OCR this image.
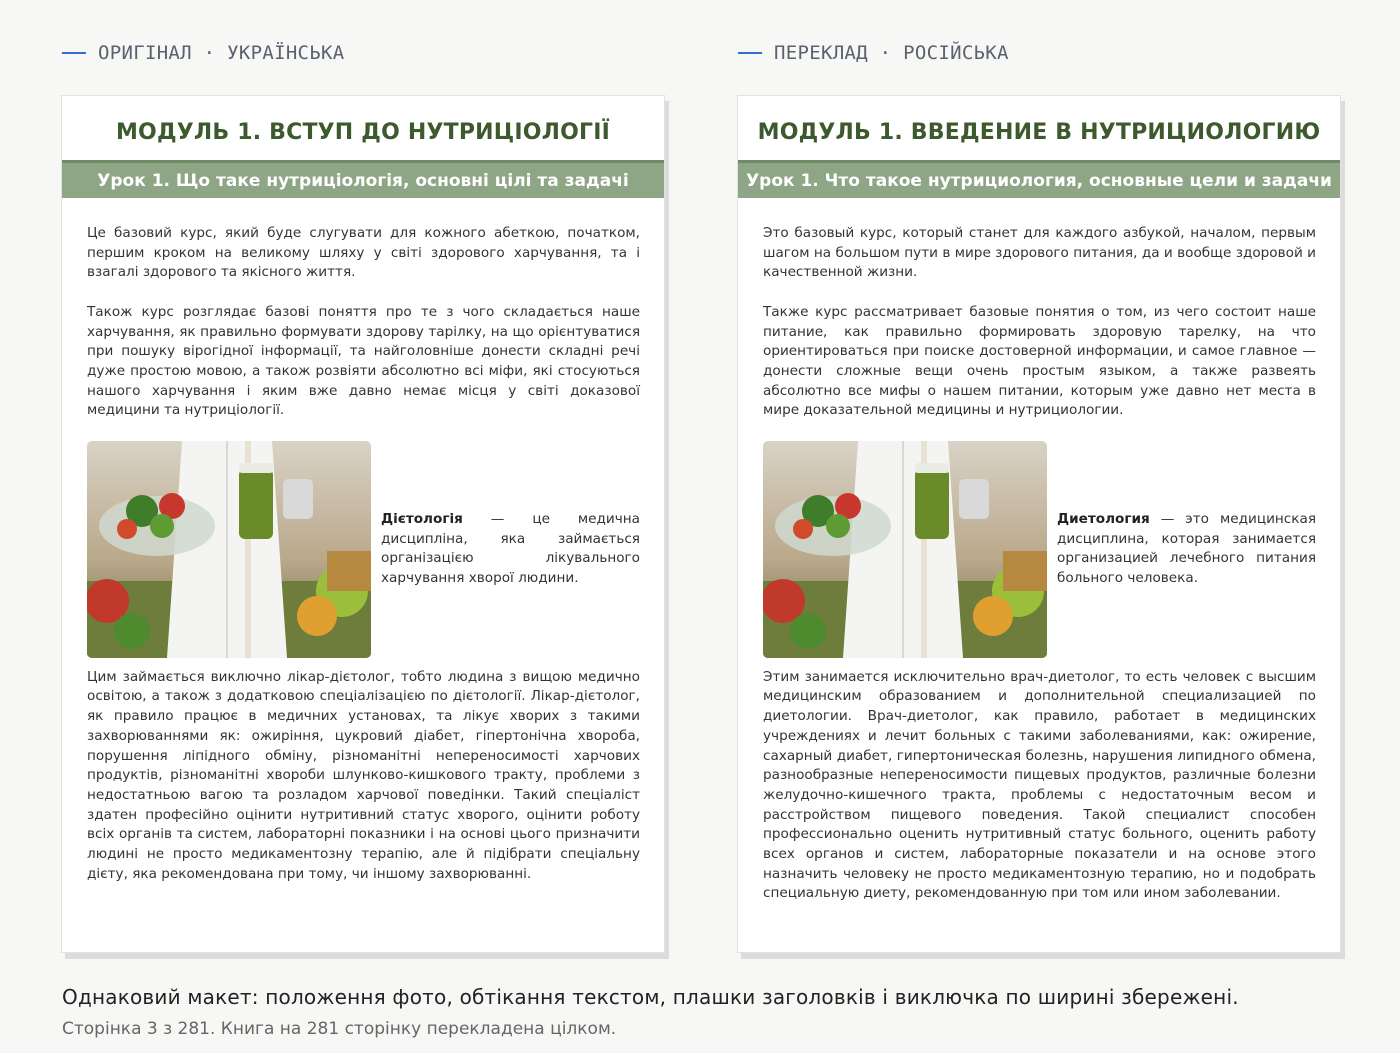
ОРИГІНАЛ · УКРАЇНСЬКА	ПЕРЕКЛАД · РОСІЙСЬКА
МОДУЛЬ 1. ВСТУП ДО НУТРИЦІОЛОГІЇ
Урок 1. Що таке нутриціологія, основні цілі та задачі

Це базовий курс, який буде слугувати для кожного абеткою, початком, першим кроком на великому шляху у світі здорового харчування, та і взагалі здорового та якісного життя.

Також курс розглядає базові поняття про те з чого складається наше харчування, як правильно формувати здорову тарілку, на що орієнтуватися при пошуку вірогідної інформації, та найголовніше донести складні речі дуже простою мовою, а також розвіяти абсолютно всі міфи, які стосуються нашого харчування і яким вже давно немає місця у світі доказової медицини та нутриціології.

Дієтологія — це медична дисципліна, яка займається організацією лікувального харчування хворої людини.

Цим займається виключно лікар-дієтолог, тобто людина з вищою медично освітою, а також з додатковою спеціалізацією по дієтології. Лікар-дієтолог, як правило працює в медичних установах, та лікує хворих з такими захворюваннями як: ожиріння, цукровий діабет, гіпертонічна хвороба, порушення ліпідного обміну, різноманітні непереносимості харчових продуктів, різноманітні хвороби шлунково-кишкового тракту, проблеми з недостатньою вагою та розладом харчової поведінки. Такий спеціаліст здатен професійно оцінити нутритивний статус хворого, оцінити роботу всіх органів та систем, лабораторні показники і на основі цього призначити людині не просто медикаментозну терапію, але й підібрати спеціальну дієту, яка рекомендована при тому, чи іншому захворюванні.

МОДУЛЬ 1. ВВЕДЕНИЕ В НУТРИЦИОЛОГИЮ
Урок 1. Что такое нутрициология, основные цели и задачи

Это базовый курс, который станет для каждого азбукой, началом, первым шагом на большом пути в мире здорового питания, да и вообще здоровой и качественной жизни.

Также курс рассматривает базовые понятия о том, из чего состоит наше питание, как правильно формировать здоровую тарелку, на что ориентироваться при поиске достоверной информации, и самое главное — донести сложные вещи очень простым языком, а также развеять абсолютно все мифы о нашем питании, которым уже давно нет места в мире доказательной медицины и нутрициологии.

Диетология — это медицинская дисциплина, которая занимается организацией лечебного питания больного человека.

Этим занимается исключительно врач-диетолог, то есть человек с высшим медицинским образованием и дополнительной специализацией по диетологии. Врач-диетолог, как правило, работает в медицинских учреждениях и лечит больных с такими заболеваниями, как: ожирение, сахарный диабет, гипертоническая болезнь, нарушения липидного обмена, разнообразные непереносимости пищевых продуктов, различные болезни желудочно-кишечного тракта, проблемы с недостаточным весом и расстройством пищевого поведения. Такой специалист способен профессионально оценить нутритивный статус больного, оценить работу всех органов и систем, лабораторные показатели и на основе этого назначить человеку не просто медикаментозную терапию, но и подобрать специальную диету, рекомендованную при том или ином заболевании.

Однаковий макет: положення фото, обтікання текстом, плашки заголовків і виключка по ширині збережені.
Сторінка 3 з 281. Книга на 281 сторінку перекладена цілком.
